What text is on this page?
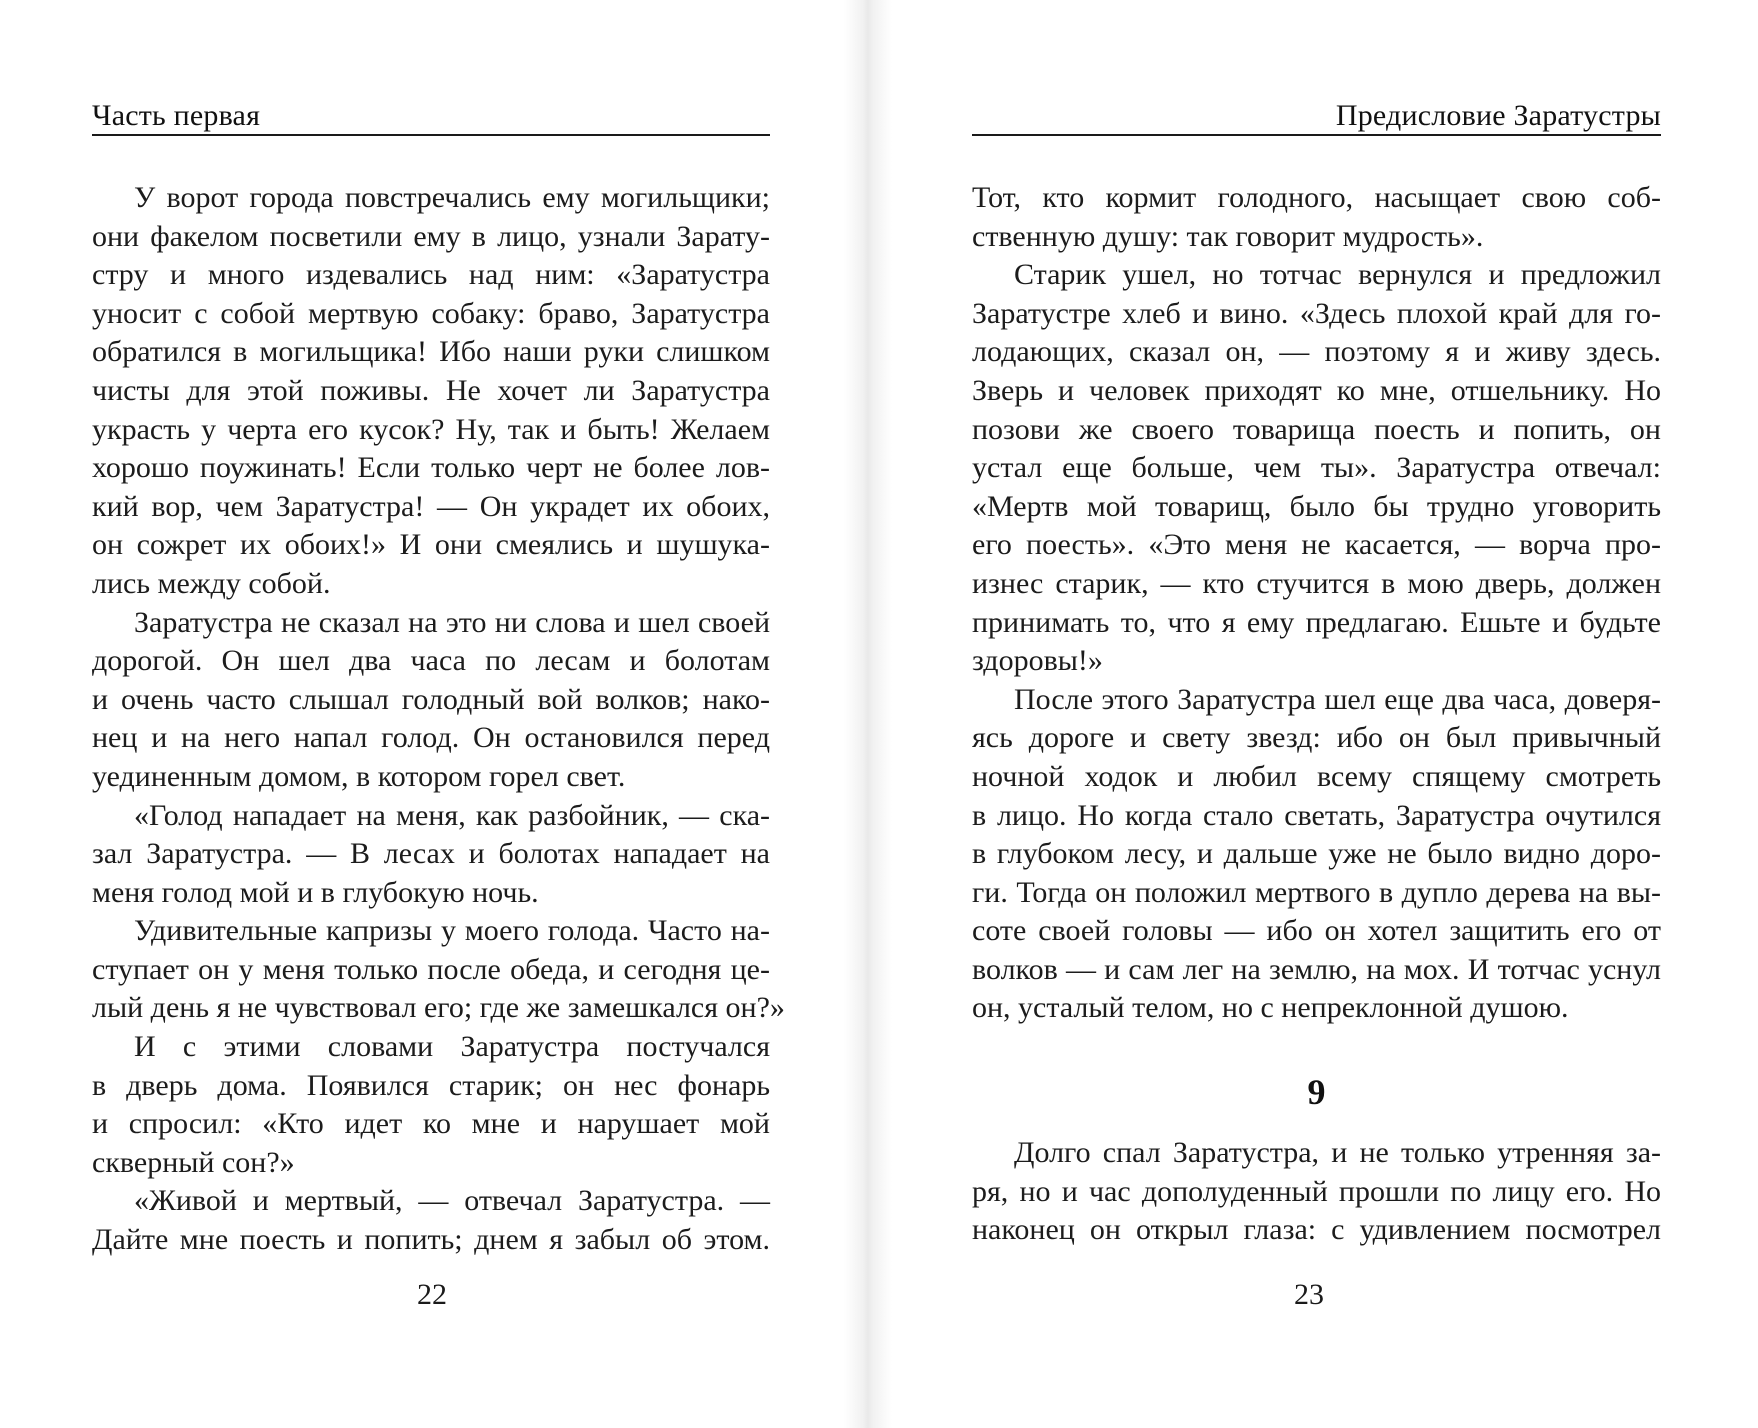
Часть первая
У ворот города повстречались ему могильщики;
они факелом посветили ему в лицо, узнали Зарату-
стру и много издевались над ним: «Заратустра
уносит с собой мертвую собаку: браво, Заратустра
обратился в могильщика! Ибо наши руки слишком
чисты для этой поживы. Не хочет ли Заратустра
украсть у черта его кусок? Ну, так и быть! Желаем
хорошо поужинать! Если только черт не более лов-
кий вор, чем Заратустра! — Он украдет их обоих,
он сожрет их обоих!» И они смеялись и шушука-
лись между собой.
Заратустра не сказал на это ни слова и шел своей
дорогой. Он шел два часа по лесам и болотам
и очень часто слышал голодный вой волков; нако-
нец и на него напал голод. Он остановился перед
уединенным домом, в котором горел свет.
«Голод нападает на меня, как разбойник, — ска-
зал Заратустра. — В лесах и болотах нападает на
меня голод мой и в глубокую ночь.
Удивительные капризы у моего голода. Часто на-
ступает он у меня только после обеда, и сегодня це-
лый день я не чувствовал его; где же замешкался он?»
И с этими словами Заратустра постучался
в дверь дома. Появился старик; он нес фонарь
и спросил: «Кто идет ко мне и нарушает мой
скверный сон?»
«Живой и мертвый, — отвечал Заратустра. —
Дайте мне поесть и попить; днем я забыл об этом.
22
Предисловие Заратустры
Тот, кто кормит голодного, насыщает свою соб-
ственную душу: так говорит мудрость».
Старик ушел, но тотчас вернулся и предложил
Заратустре хлеб и вино. «Здесь плохой край для го-
лодающих, сказал он, — поэтому я и живу здесь.
Зверь и человек приходят ко мне, отшельнику. Но
позови же своего товарища поесть и попить, он
устал еще больше, чем ты». Заратустра отвечал:
«Мертв мой товарищ, было бы трудно уговорить
его поесть». «Это меня не касается, — ворча про-
изнес старик, — кто стучится в мою дверь, должен
принимать то, что я ему предлагаю. Ешьте и будьте
здоровы!»
После этого Заратустра шел еще два часа, доверя-
ясь дороге и свету звезд: ибо он был привычный
ночной ходок и любил всему спящему смотреть
в лицо. Но когда стало светать, Заратустра очутился
в глубоком лесу, и дальше уже не было видно доро-
ги. Тогда он положил мертвого в дупло дерева на вы-
соте своей головы — ибо он хотел защитить его от
волков — и сам лег на землю, на мох. И тотчас уснул
он, усталый телом, но с непреклонной душою.
9
Долго спал Заратустра, и не только утренняя за-
ря, но и час дополуденный прошли по лицу его. Но
наконец он открыл глаза: с удивлением посмотрел
23
